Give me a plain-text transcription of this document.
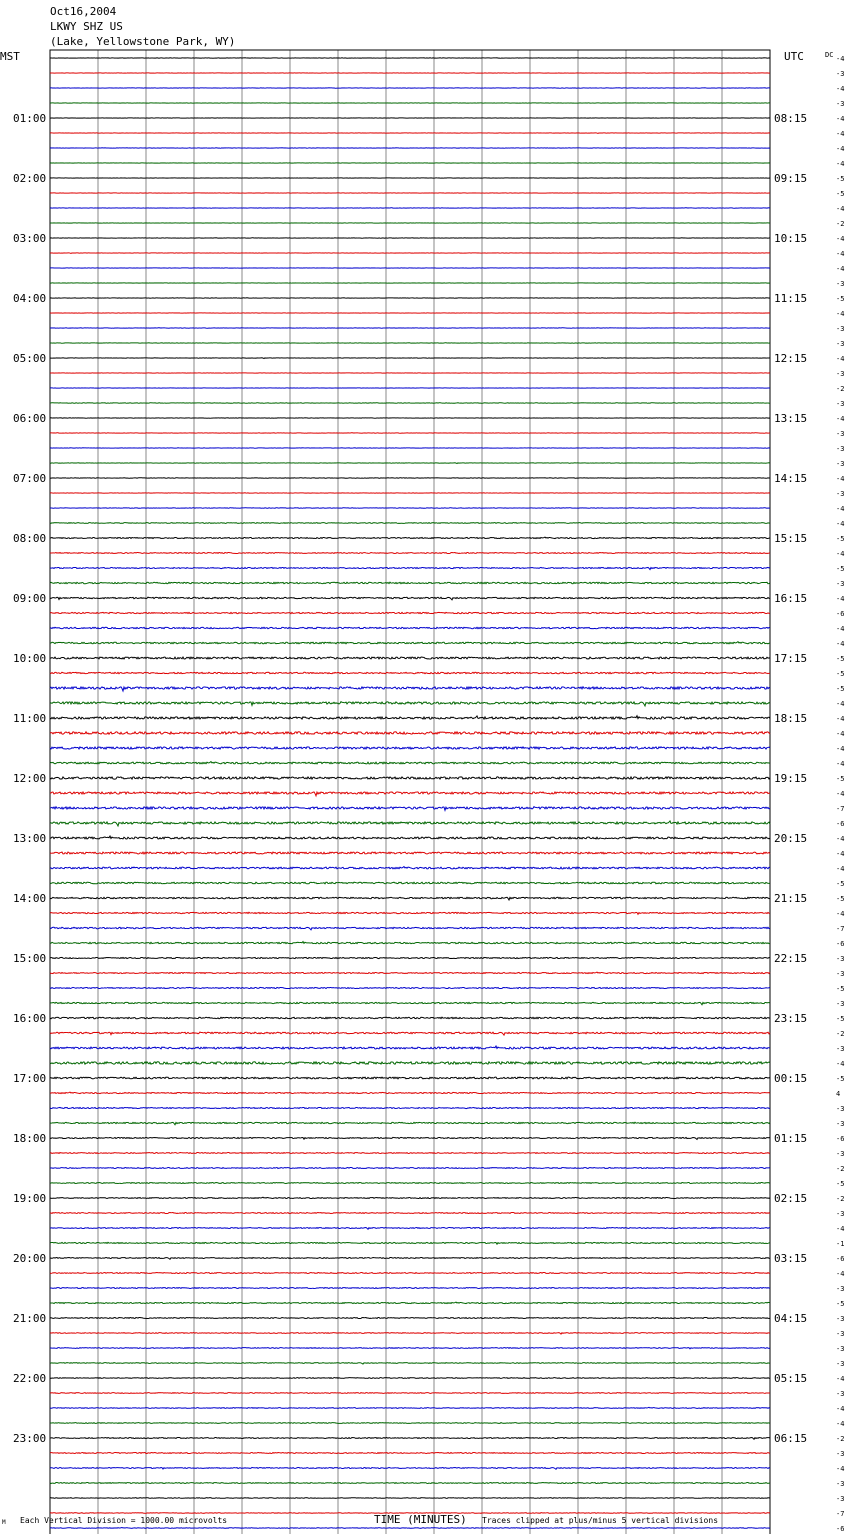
Oct16,2004
LKWY SHZ US
(Lake, Yellowstone Park, WY)
MST	UTC	DC
01:00
02:00
03:00
04:00
05:00
06:00
07:00
08:00
09:00
10:00
11:00
12:00
13:00
14:00
15:00
16:00
17:00
18:00
19:00
20:00
21:00
22:00
23:00
08:15
09:15
10:15
11:15
12:15
13:15
14:15
15:15
16:15
17:15
18:15
19:15
20:15
21:15
22:15
23:15
00:15
01:15
02:15
03:15
04:15
05:15
06:15
-4
-3
-4
-3
-4
-4
-4
-4
-5
-5
-4
-2
-4
-4
-4
-3
-5
-4
-3
-3
-4
-3
-2
-3
-4
-3
-3
-3
-4
-3
-4
-4
-5
-4
-5
-3
-4
-6
-4
-4
-5
-5
-5
-4
-4
-4
-4
-4
-5
-4
-7
-6
-4
-4
-4
-5
-5
-4
-7
-6
-3
-3
-5
-3
-5
-2
-3
-4
-5
4
-3
-3
-6
-3
-2
-5
-2
-3
-4
-1
-6
-4
-3
-5
-3
-3
-3
-3
-4
-3
-4
-4
-2
-3
-4
-3
-3
-7
-6
M Each Vertical Division = 1000.00 microvolts	TIME (MINUTES) Traces clipped at plus/minus 5 vertical divisions
